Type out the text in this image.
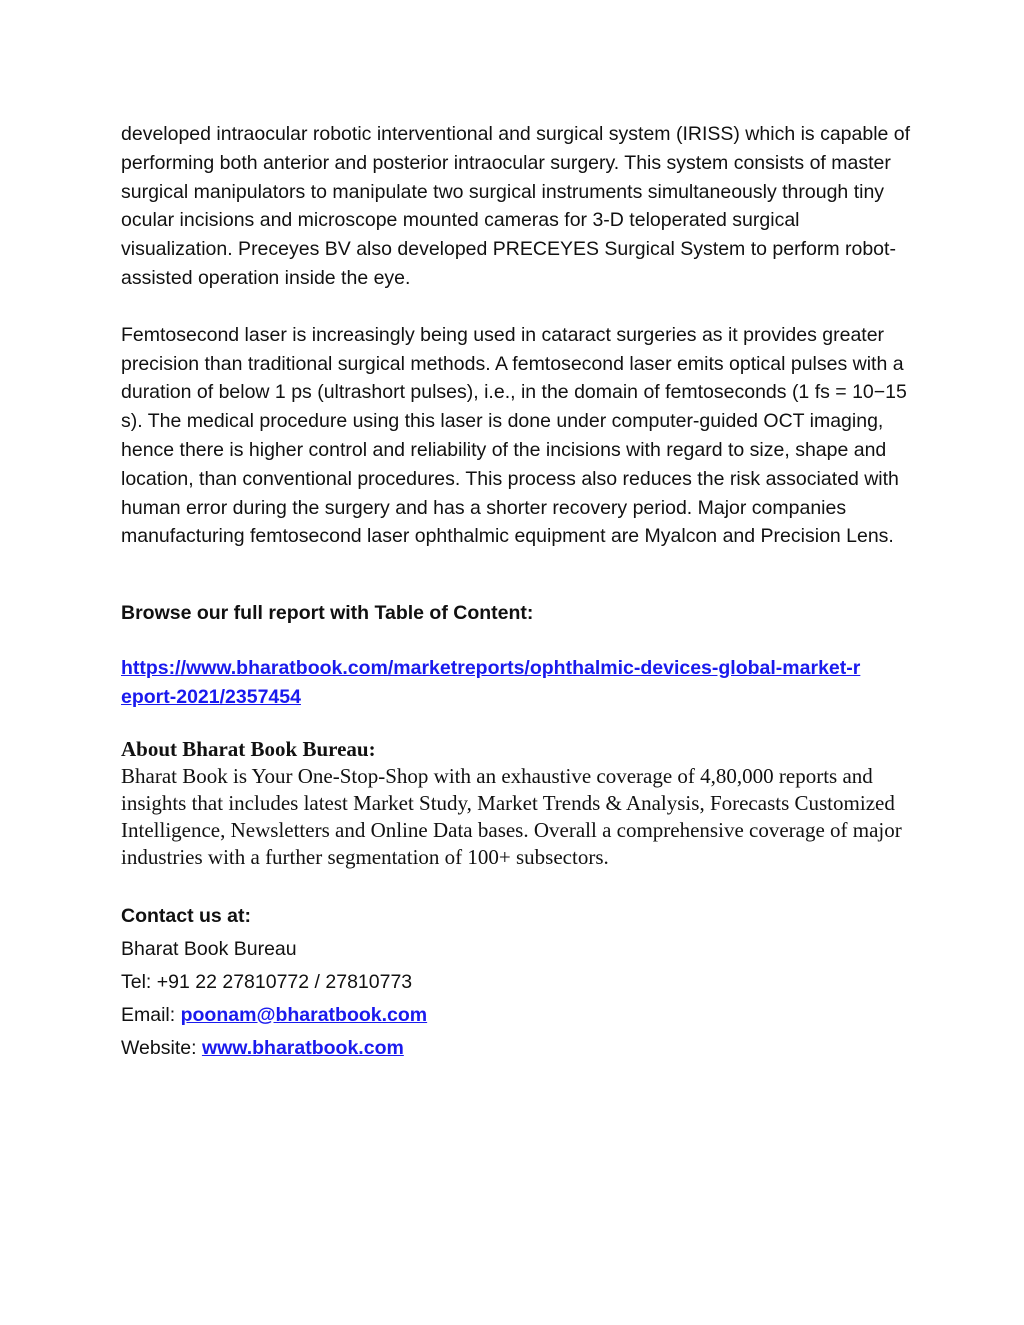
developed intraocular robotic interventional and surgical system (IRISS) which is capable of performing both anterior and posterior intraocular surgery. This system consists of master surgical manipulators to manipulate two surgical instruments simultaneously through tiny ocular incisions and microscope mounted cameras for 3-D teloperated surgical visualization. Preceyes BV also developed PRECEYES Surgical System to perform robot-assisted operation inside the eye.

Femtosecond laser is increasingly being used in cataract surgeries as it provides greater precision than traditional surgical methods. A femtosecond laser emits optical pulses with a duration of below 1 ps (ultrashort pulses), i.e., in the domain of femtoseconds (1 fs = 10−15 s). The medical procedure using this laser is done under computer-guided OCT imaging, hence there is higher control and reliability of the incisions with regard to size, shape and location, than conventional procedures. This process also reduces the risk associated with human error during the surgery and has a shorter recovery period. Major companies manufacturing femtosecond laser ophthalmic equipment are Myalcon and Precision Lens.

Browse our full report with Table of Content:

https://www.bharatbook.com/marketreports/ophthalmic-devices-global-market-report-2021/2357454

About Bharat Book Bureau:

Bharat Book is Your One-Stop-Shop with an exhaustive coverage of 4,80,000 reports and insights that includes latest Market Study, Market Trends & Analysis, Forecasts Customized Intelligence, Newsletters and Online Data bases. Overall a comprehensive coverage of major industries with a further segmentation of 100+ subsectors.

Contact us at:

Bharat Book Bureau

Tel: +91 22 27810772 / 27810773

Email: poonam@bharatbook.com

Website: www.bharatbook.com
